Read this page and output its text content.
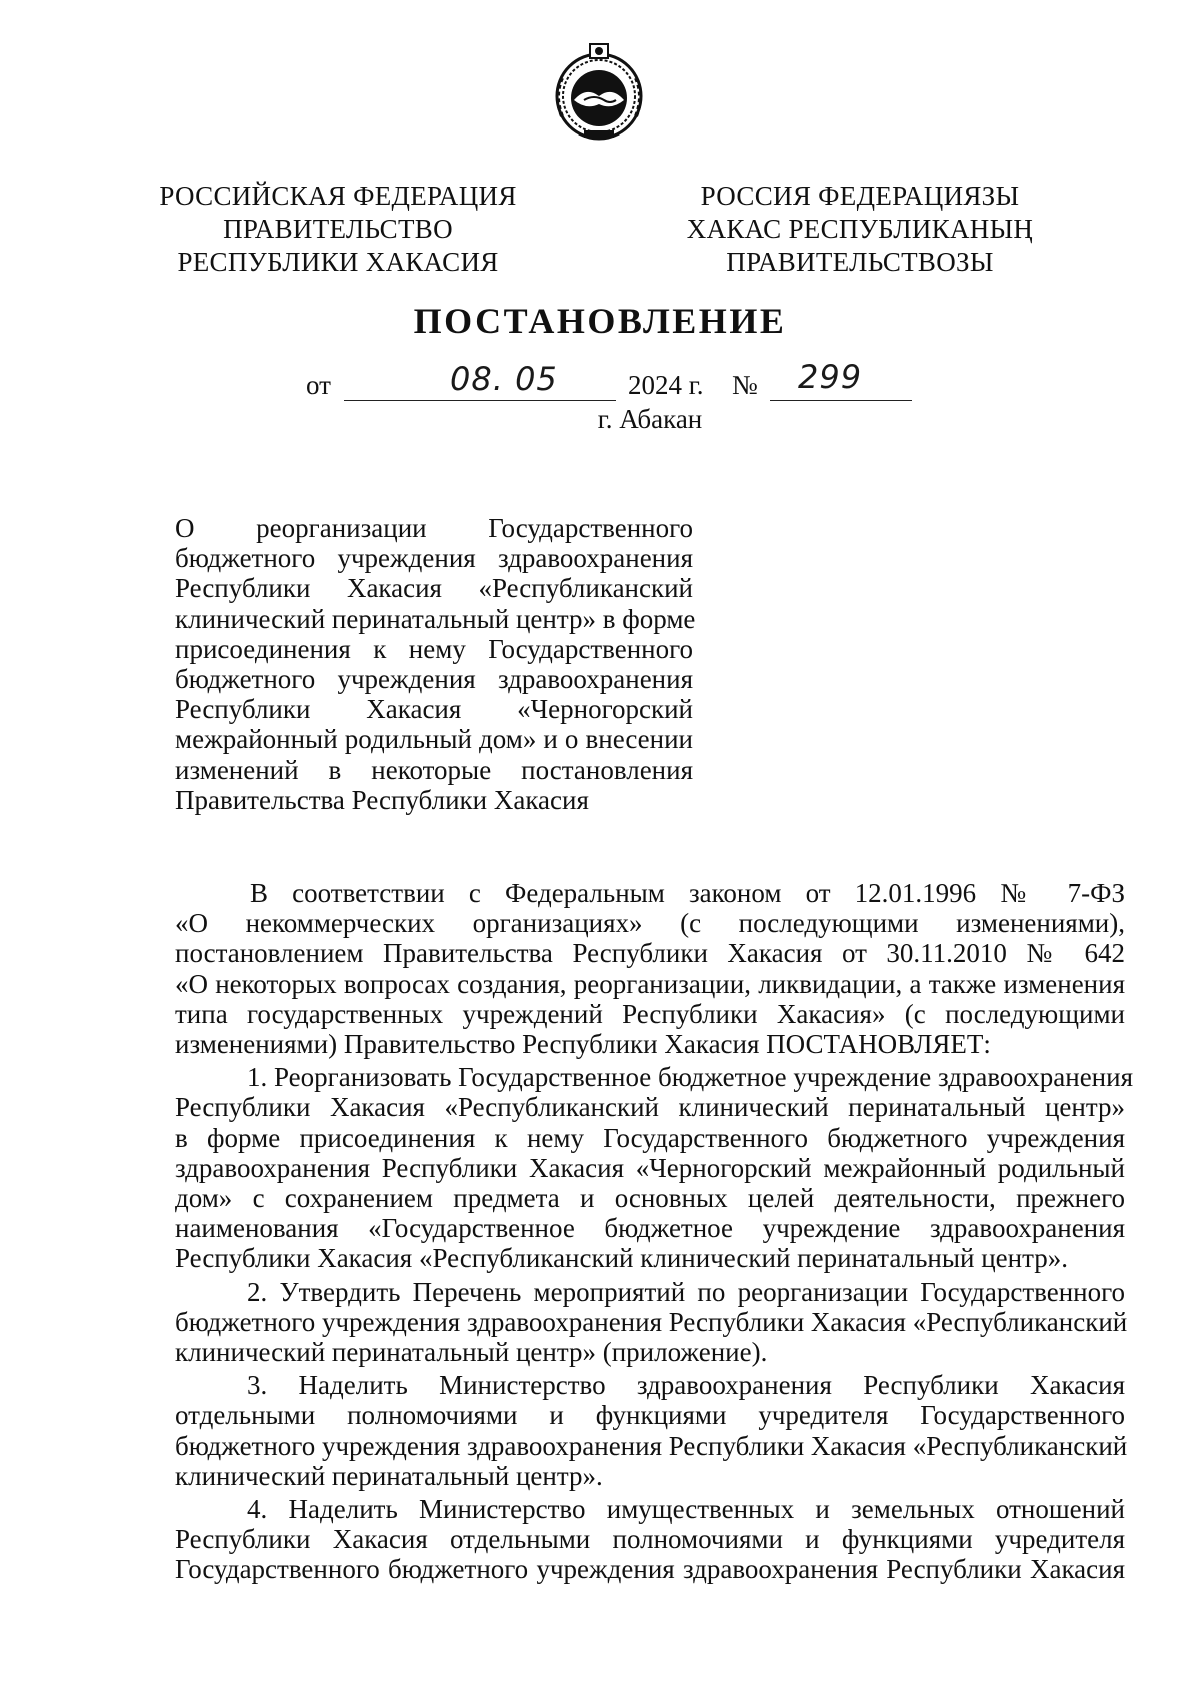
РОССИЙСКАЯ ФЕДЕРАЦИЯ
ПРАВИТЕЛЬСТВО
РЕСПУБЛИКИ ХАКАСИЯ
РОССИЯ ФЕДЕРАЦИЯЗЫ
ХАКАС РЕСПУБЛИКАНЫҢ
ПРАВИТЕЛЬСТВОЗЫ
ПОСТАНОВЛЕНИЕ
от	08. 05	2024 г. № 299
г. Абакан
О реорганизации Государственного
бюджетного учреждения здравоохранения
Республики Хакасия «Республиканский
клинический перинатальный центр» в форме
присоединения к нему Государственного
бюджетного учреждения здравоохранения
Республики Хакасия «Черногорский
межрайонный родильный дом» и о внесении
изменений в некоторые постановления
Правительства Республики Хакасия
В соответствии с Федеральным законом от 12.01.1996 № 7-ФЗ
«О некоммерческих организациях» (с последующими изменениями),
постановлением Правительства Республики Хакасия от 30.11.2010 № 642
«О некоторых вопросах создания, реорганизации, ликвидации, а также изменения
типа государственных учреждений Республики Хакасия» (с последующими
изменениями) Правительство Республики Хакасия ПОСТАНОВЛЯЕТ:
1. Реорганизовать Государственное бюджетное учреждение здравоохранения
Республики Хакасия «Республиканский клинический перинатальный центр»
в форме присоединения к нему Государственного бюджетного учреждения
здравоохранения Республики Хакасия «Черногорский межрайонный родильный
дом» с сохранением предмета и основных целей деятельности, прежнего
наименования «Государственное бюджетное учреждение здравоохранения
Республики Хакасия «Республиканский клинический перинатальный центр».
2. Утвердить Перечень мероприятий по реорганизации Государственного
бюджетного учреждения здравоохранения Республики Хакасия «Республиканский
клинический перинатальный центр» (приложение).
3. Наделить Министерство здравоохранения Республики Хакасия
отдельными полномочиями и функциями учредителя Государственного
бюджетного учреждения здравоохранения Республики Хакасия «Республиканский
клинический перинатальный центр».
4. Наделить Министерство имущественных и земельных отношений
Республики Хакасия отдельными полномочиями и функциями учредителя
Государственного бюджетного учреждения здравоохранения Республики Хакасия
